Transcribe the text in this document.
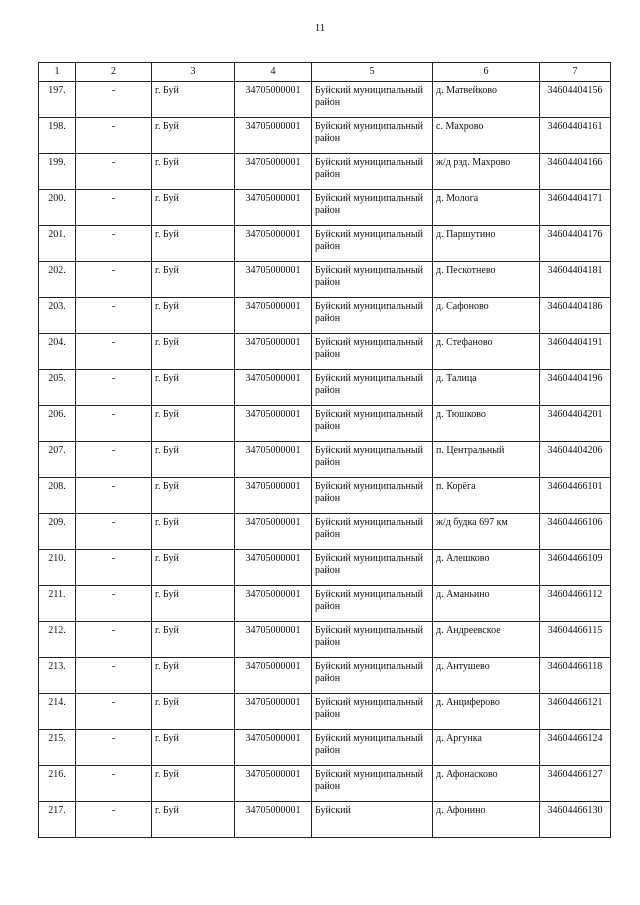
11
1	2	3	4	5	6	7
197.	-	г. Буй	34705000001	Буйский муниципальный район	д. Матвейково	34604404156
198.	-	г. Буй	34705000001	Буйский муниципальный район	с. Махрово	34604404161
199.	-	г. Буй	34705000001	Буйский муниципальный район	ж/д рзд. Махрово	34604404166
200.	-	г. Буй	34705000001	Буйский муниципальный район	д. Молога	34604404171
201.	-	г. Буй	34705000001	Буйский муниципальный район	д. Паршутино	34604404176
202.	-	г. Буй	34705000001	Буйский муниципальный район	д. Пескотнево	34604404181
203.	-	г. Буй	34705000001	Буйский муниципальный район	д. Сафоново	34604404186
204.	-	г. Буй	34705000001	Буйский муниципальный район	д. Стефаново	34604404191
205.	-	г. Буй	34705000001	Буйский муниципальный район	д. Талица	34604404196
206.	-	г. Буй	34705000001	Буйский муниципальный район	д. Тюшково	34604404201
207.	-	г. Буй	34705000001	Буйский муниципальный район	п. Центральный	34604404206
208.	-	г. Буй	34705000001	Буйский муниципальный район	п. Корёга	34604466101
209.	-	г. Буй	34705000001	Буйский муниципальный район	ж/д будка 697 км	34604466106
210.	-	г. Буй	34705000001	Буйский муниципальный район	д. Алешково	34604466109
211.	-	г. Буй	34705000001	Буйский муниципальный район	д. Аманьино	34604466112
212.	-	г. Буй	34705000001	Буйский муниципальный район	д. Андреевское	34604466115
213.	-	г. Буй	34705000001	Буйский муниципальный район	д. Антушево	34604466118
214.	-	г. Буй	34705000001	Буйский муниципальный район	д. Анциферово	34604466121
215.	-	г. Буй	34705000001	Буйский муниципальный район	д. Аргунка	34604466124
216.	-	г. Буй	34705000001	Буйский муниципальный район	д. Афонасково	34604466127
217.	-	г. Буй	34705000001	Буйский	д. Афонино	34604466130
